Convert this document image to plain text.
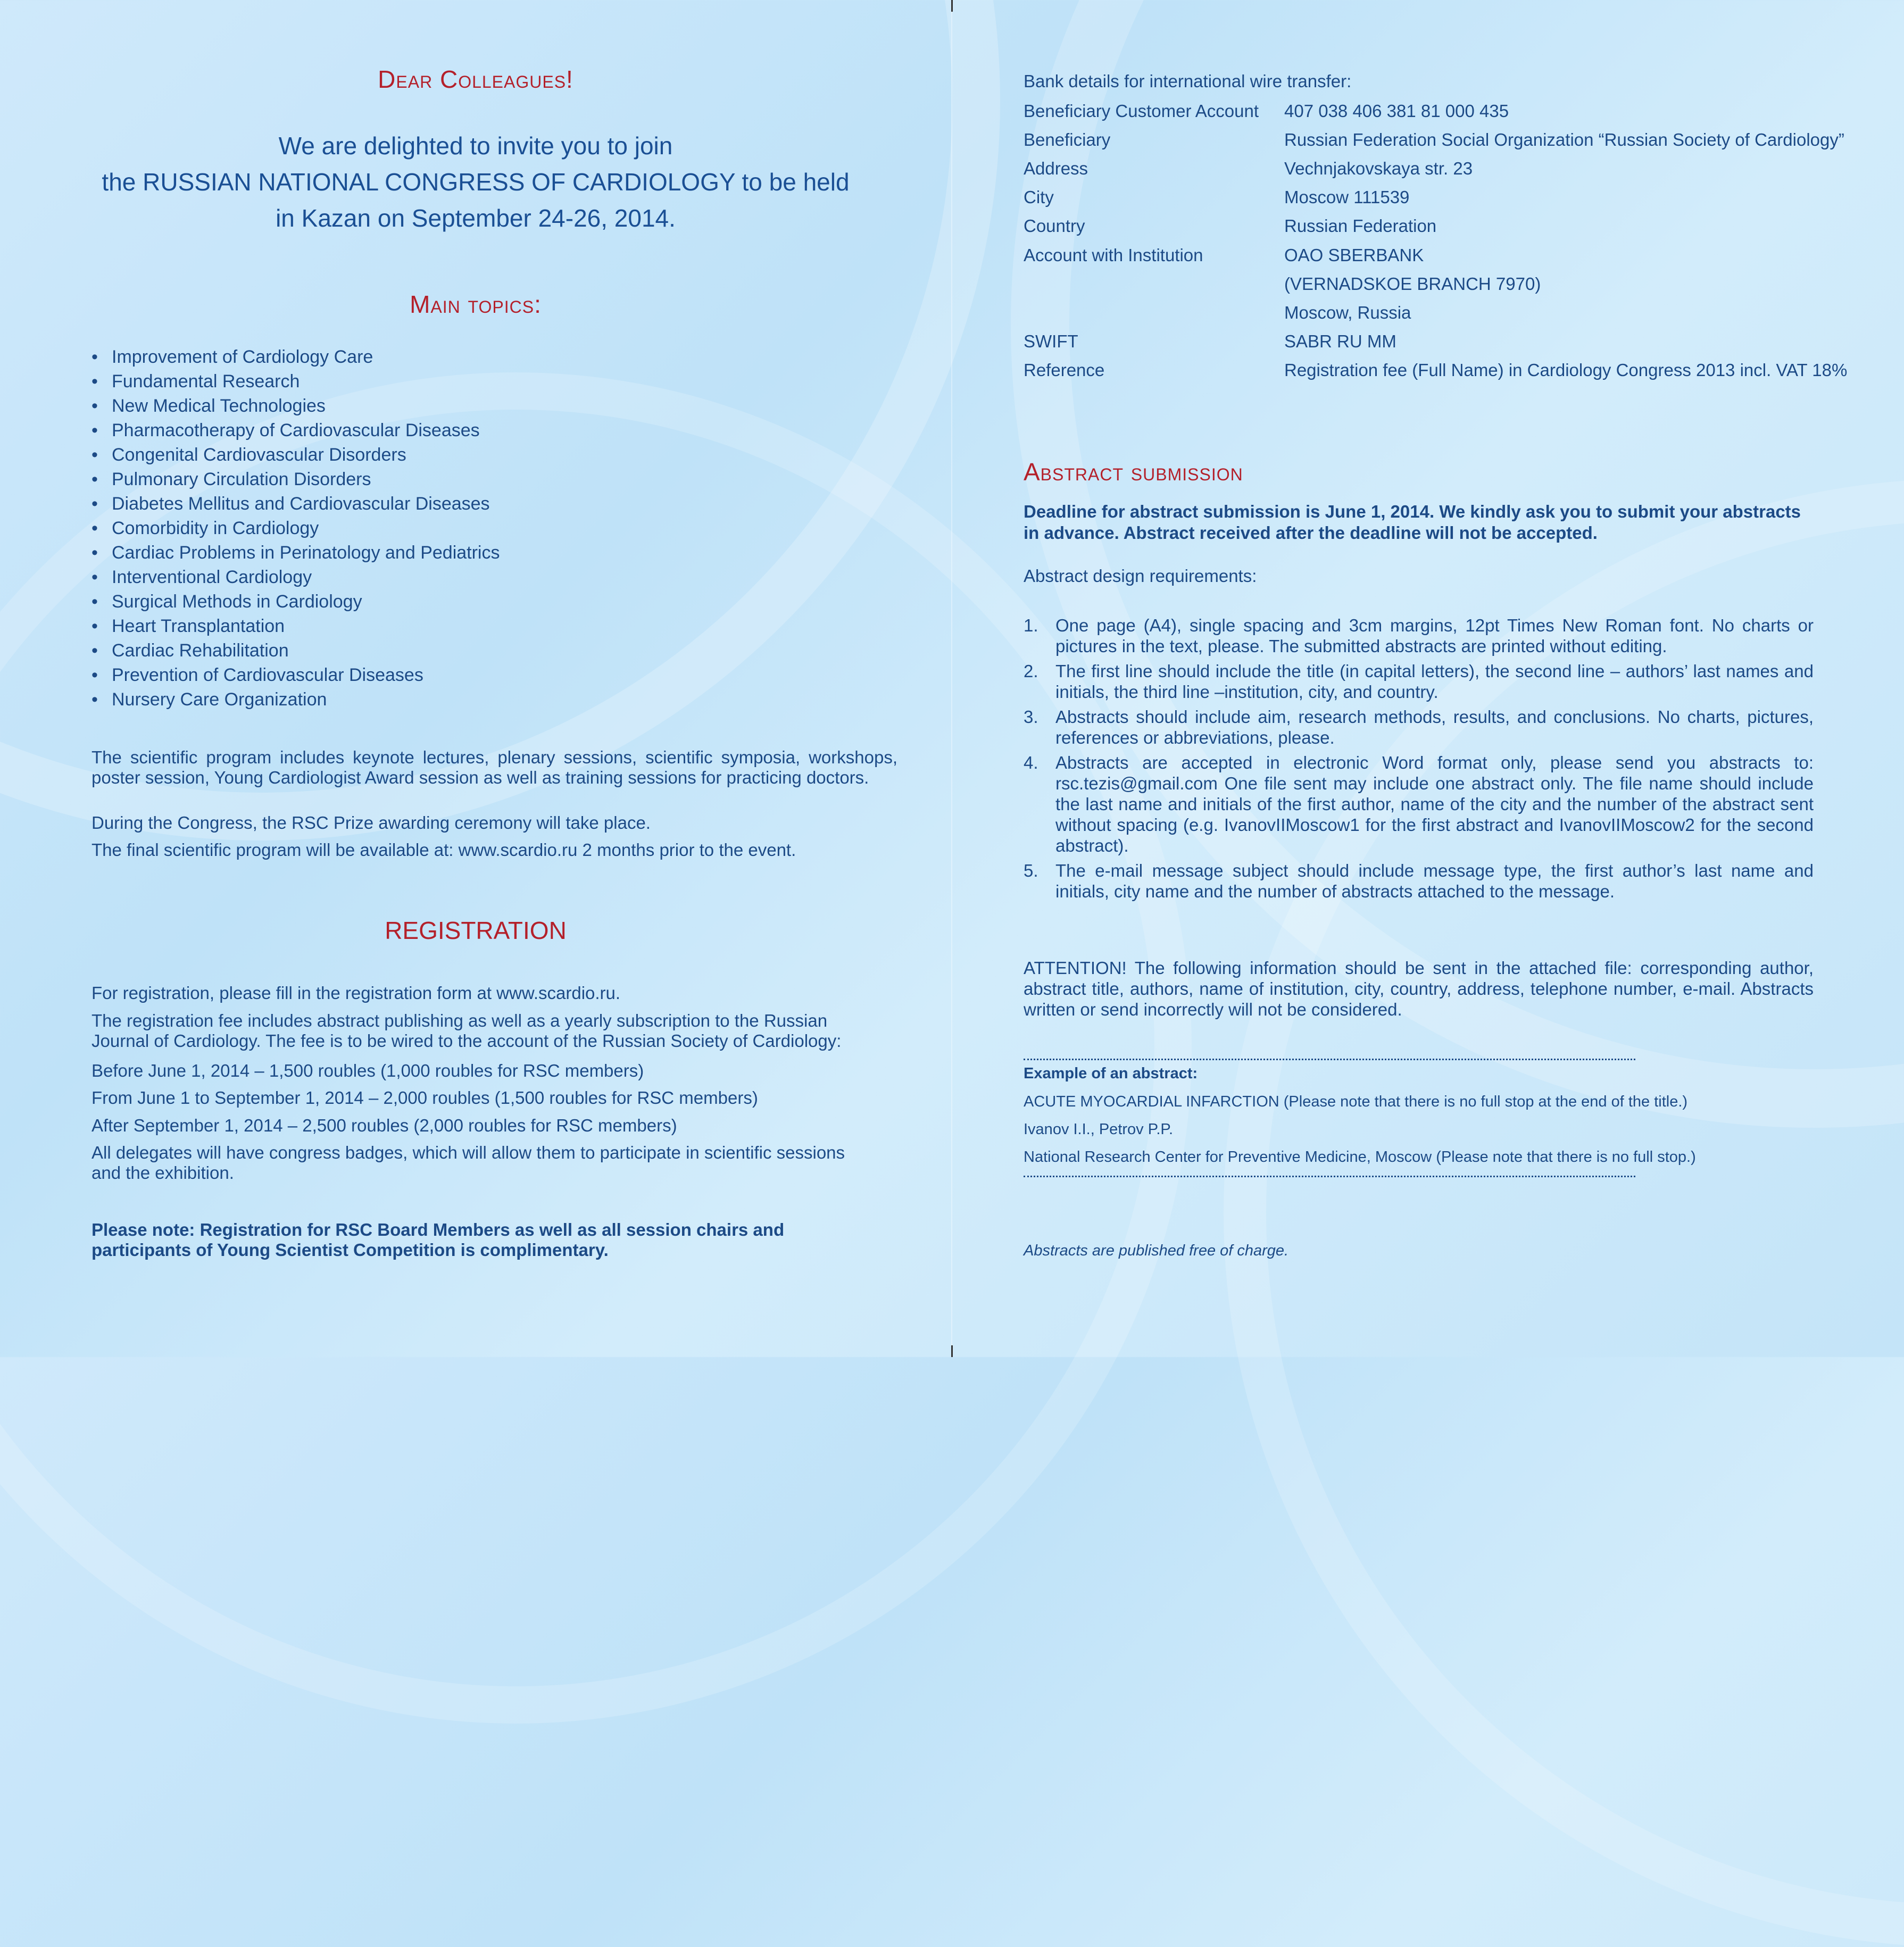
Dear Colleagues!
We are delighted to invite you to join
the RUSSIAN NATIONAL CONGRESS OF CARDIOLOGY to be held
in Kazan on September 24-26, 2014.
Main topics:
• Improvement of Cardiology Care
• Fundamental Research
• New Medical Technologies
• Pharmacotherapy of Cardiovascular Diseases
• Congenital Cardiovascular Disorders
• Pulmonary Circulation Disorders
• Diabetes Mellitus and Cardiovascular Diseases
• Comorbidity in Cardiology
• Cardiac Problems in Perinatology and Pediatrics
• Interventional Cardiology
• Surgical Methods in Cardiology
• Heart Transplantation
• Cardiac Rehabilitation
• Prevention of Cardiovascular Diseases
• Nursery Care Organization
The scientific program includes keynote lectures, plenary sessions, scientific symposia, workshops, poster session, Young Cardiologist Award session as well as training sessions for practicing doctors.
During the Congress, the RSC Prize awarding ceremony will take place.
The final scientific program will be available at: www.scardio.ru 2 months prior to the event.
REGISTRATION
For registration, please fill in the registration form at www.scardio.ru.
The registration fee includes abstract publishing as well as a yearly subscription to the Russian Journal of Cardiology. The fee is to be wired to the account of the Russian Society of Cardiology:
Before June 1, 2014 – 1,500 roubles (1,000 roubles for RSC members)
From June 1 to September 1, 2014 – 2,000 roubles (1,500 roubles for RSC members)
After September 1, 2014 – 2,500 roubles (2,000 roubles for RSC members)
All delegates will have congress badges, which will allow them to participate in scientific sessions and the exhibition.
Please note: Registration for RSC Board Members as well as all session chairs and participants of Young Scientist Competition is complimentary.
Bank details for international wire transfer:
Beneficiary Customer Account	407 038 406 381 81 000 435
Beneficiary	Russian Federation Social Organization “Russian Society of Cardiology”
Address	Vechnjakovskaya str. 23
City	Moscow 111539
Country	Russian Federation
Account with Institution	OAO SBERBANK
(VERNADSKOE BRANCH 7970)
Moscow, Russia
SWIFT	SABR RU MM
Reference	Registration fee (Full Name) in Cardiology Congress 2013 incl. VAT 18%
Abstract submission
Deadline for abstract submission is June 1, 2014. We kindly ask you to submit your abstracts in advance. Abstract received after the deadline will not be accepted.
Abstract design requirements:
1. One page (A4), single spacing and 3cm margins, 12pt Times New Roman font. No charts or pictures in the text, please. The submitted abstracts are printed without editing.
2. The first line should include the title (in capital letters), the second line – authors’ last names and initials, the third line –institution, city, and country.
3. Abstracts should include aim, research methods, results, and conclusions. No charts, pictures, references or abbreviations, please.
4. Abstracts are accepted in electronic Word format only, please send you abstracts to: rsc.tezis@gmail.com One file sent may include one abstract only. The file name should include the last name and initials of the first author, name of the city and the number of the abstract sent without spacing (e.g. IvanovIIMoscow1 for the first abstract and IvanovIIMoscow2 for the second abstract).
5. The e-mail message subject should include message type, the first author’s last name and initials, city name and the number of abstracts attached to the message.
ATTENTION! The following information should be sent in the attached file: corresponding author, abstract title, authors, name of institution, city, country, address, telephone number, e-mail. Abstracts written or send incorrectly will not be considered.
Example of an abstract:
ACUTE MYOCARDIAL INFARCTION (Please note that there is no full stop at the end of the title.)
Ivanov I.I., Petrov P.P.
National Research Center for Preventive Medicine, Moscow (Please note that there is no full stop.)
Abstracts are published free of charge.
